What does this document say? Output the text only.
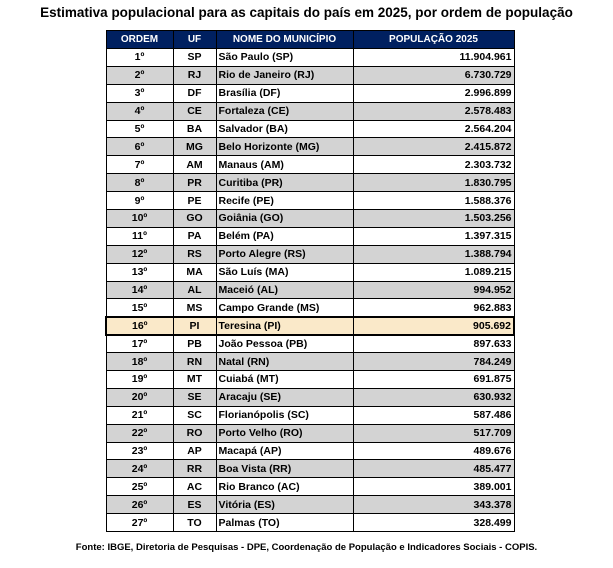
Estimativa populacional para as capitais do país em 2025, por ordem de população
ORDEM	UF	NOME DO MUNICÍPIO	POPULAÇÃO 2025
1º	SP	São Paulo (SP)	11.904.961
2º	RJ	Rio de Janeiro (RJ)	6.730.729
3º	DF	Brasília (DF)	2.996.899
4º	CE	Fortaleza (CE)	2.578.483
5º	BA	Salvador (BA)	2.564.204
6º	MG	Belo Horizonte (MG)	2.415.872
7º	AM	Manaus (AM)	2.303.732
8º	PR	Curitiba (PR)	1.830.795
9º	PE	Recife (PE)	1.588.376
10º	GO	Goiânia (GO)	1.503.256
11º	PA	Belém (PA)	1.397.315
12º	RS	Porto Alegre (RS)	1.388.794
13º	MA	São Luís (MA)	1.089.215
14º	AL	Maceió (AL)	994.952
15º	MS	Campo Grande (MS)	962.883
16º	PI	Teresina (PI)	905.692
17º	PB	João Pessoa (PB)	897.633
18º	RN	Natal (RN)	784.249
19º	MT	Cuiabá (MT)	691.875
20º	SE	Aracaju (SE)	630.932
21º	SC	Florianópolis (SC)	587.486
22º	RO	Porto Velho (RO)	517.709
23º	AP	Macapá (AP)	489.676
24º	RR	Boa Vista (RR)	485.477
25º	AC	Rio Branco (AC)	389.001
26º	ES	Vitória (ES)	343.378
27º	TO	Palmas (TO)	328.499
Fonte: IBGE, Diretoria de Pesquisas - DPE, Coordenação de População e Indicadores Sociais - COPIS.
